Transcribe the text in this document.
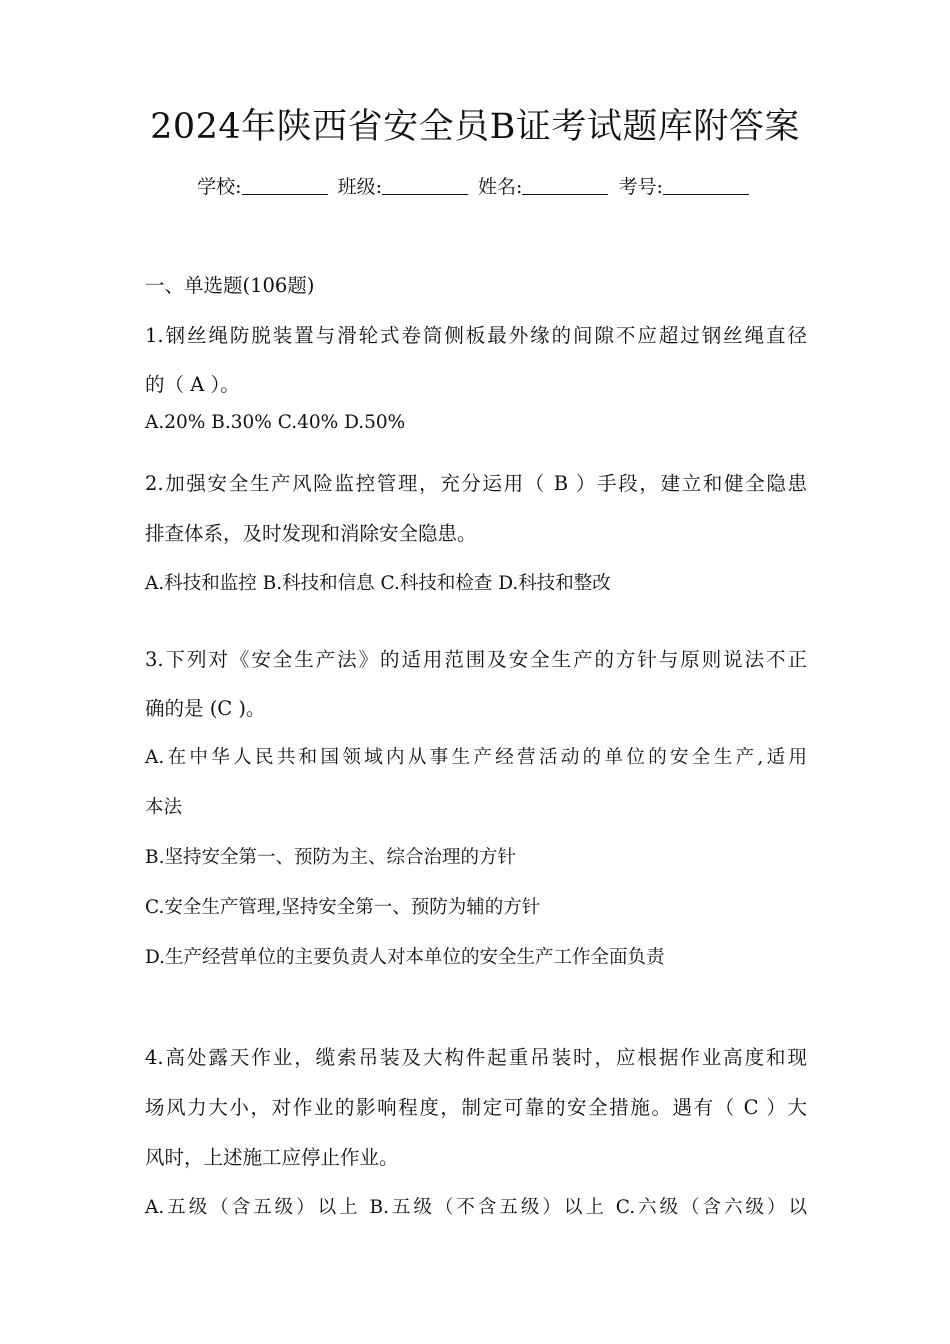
2024年陕西省安全员B证考试题库附答案
学校:	班级:	姓名:	考号:
一、单选题(106题)
1.钢丝绳防脱装置与滑轮式卷筒侧板最外缘的间隙不应超过钢丝绳直径
的（ A ）。
A.20% B.30% C.40% D.50%
2.加强安全生产风险监控管理，充分运用（ B ）手段，建立和健全隐患
排查体系，及时发现和消除安全隐患。
A.科技和监控 B.科技和信息 C.科技和检查 D.科技和整改
3.下列对《安全生产法》的适用范围及安全生产的方针与原则说法不正
确的是 (C )。
A.在中华人民共和国领域内从事生产经营活动的单位的安全生产,适用
本法
B.坚持安全第一、预防为主、综合治理的方针
C.安全生产管理,坚持安全第一、预防为辅的方针
D.生产经营单位的主要负责人对本单位的安全生产工作全面负责
4.高处露天作业，缆索吊装及大构件起重吊装时，应根据作业高度和现
场风力大小，对作业的影响程度，制定可靠的安全措施。遇有（ C ）大
风时，上述施工应停止作业。
A.五级（含五级）以上 B.五级（不含五级）以上 C.六级（含六级）以
